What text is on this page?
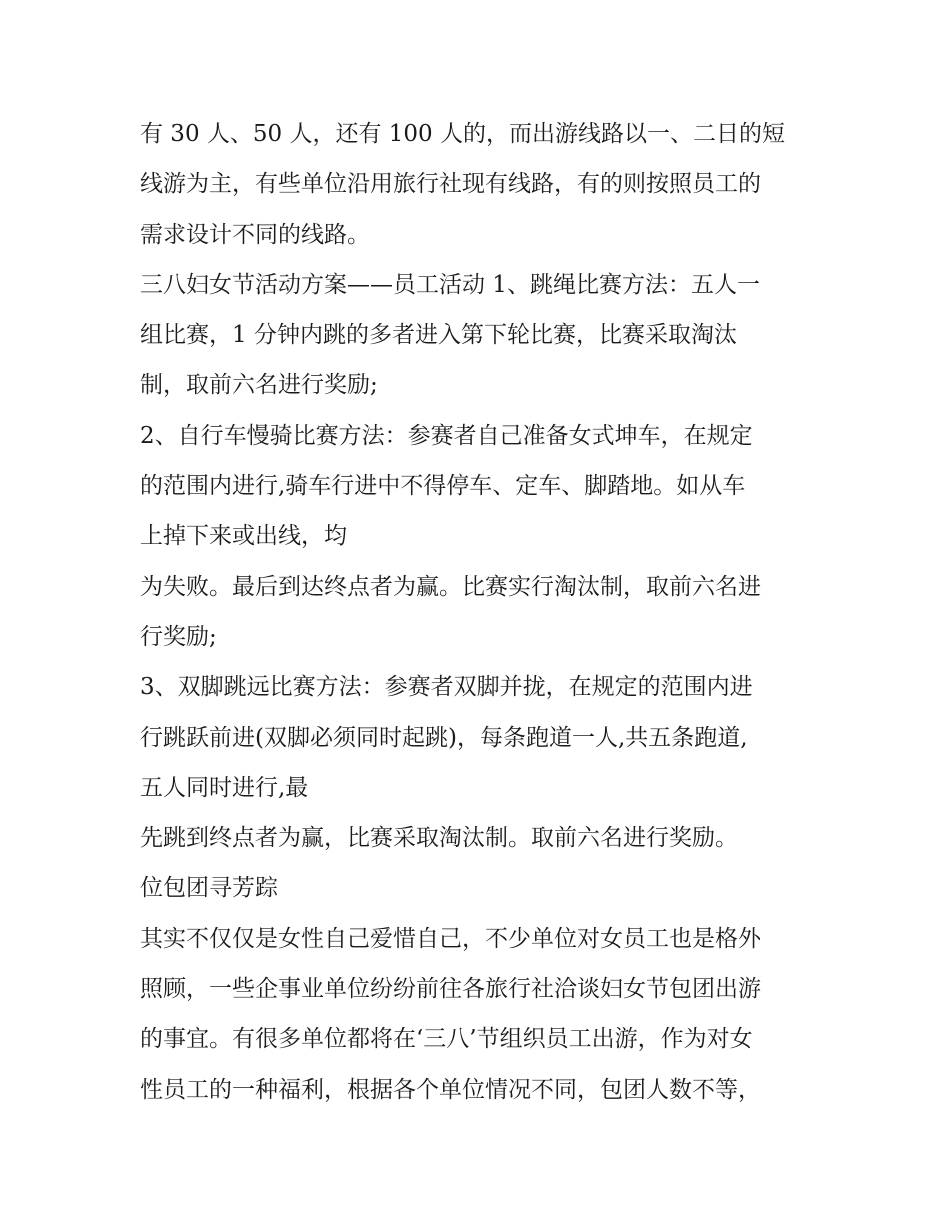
有 30 人、50 人，还有 100 人的，而出游线路以一、二日的短

线游为主，有些单位沿用旅行社现有线路，有的则按照员工的

需求设计不同的线路。

三八妇女节活动方案——员工活动 1、跳绳比赛方法：五人一

组比赛，1 分钟内跳的多者进入第下轮比赛，比赛采取淘汰

制，取前六名进行奖励;

2、自行车慢骑比赛方法：参赛者自己准备女式坤车，在规定

的范围内进行,骑车行进中不得停车、定车、脚踏地。如从车

上掉下来或出线，均

为失败。最后到达终点者为赢。比赛实行淘汰制，取前六名进

行奖励;

3、双脚跳远比赛方法：参赛者双脚并拢，在规定的范围内进

行跳跃前进(双脚必须同时起跳)，每条跑道一人,共五条跑道,

五人同时进行,最

先跳到终点者为赢，比赛采取淘汰制。取前六名进行奖励。

位包团寻芳踪

其实不仅仅是女性自己爱惜自己，不少单位对女员工也是格外

照顾，一些企事业单位纷纷前往各旅行社洽谈妇女节包团出游

的事宜。有很多单位都将在‘三八’节组织员工出游，作为对女

性员工的一种福利，根据各个单位情况不同，包团人数不等，
